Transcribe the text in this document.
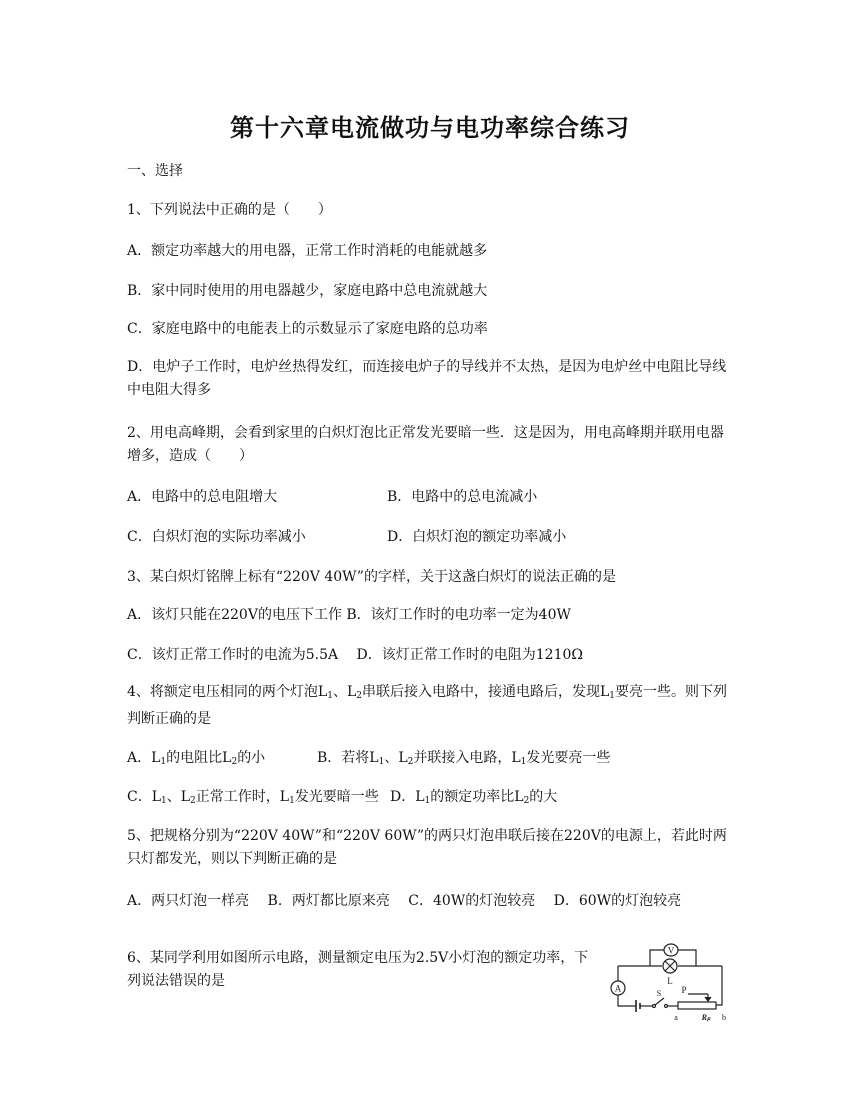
第十六章电流做功与电功率综合练习
一、选择
1、下列说法中正确的是（　　）
A．额定功率越大的用电器，正常工作时消耗的电能就越多
B．家中同时使用的用电器越少，家庭电路中总电流就越大
C．家庭电路中的电能表上的示数显示了家庭电路的总功率
D．电炉子工作时，电炉丝热得发红，而连接电炉子的导线并不太热，是因为电炉丝中电阻比导线中电阻大得多
2、用电高峰期，会看到家里的白炽灯泡比正常发光要暗一些．这是因为，用电高峰期并联用电器增多，造成（　　）
A．电路中的总电阻增大	B．电路中的总电流减小
C．白炽灯泡的实际功率减小	D．白炽灯泡的额定功率减小
3、某白炽灯铭牌上标有“220V 40W”的字样，关于这盏白炽灯的说法正确的是
A．该灯只能在220V的电压下工作 B．该灯工作时的电功率一定为40W
C．该灯正常工作时的电流为5.5A　 D．该灯正常工作时的电阻为1210Ω
4、将额定电压相同的两个灯泡$L_1$、$L_2$串联后接入电路中，接通电路后，发现$L_1$要亮一些。则下列判断正确的是
A．$L_1$的电阻比$L_2$的小	B．若将$L_1$、$L_2$并联接入电路，$L_1$发光要亮一些
C．$L_1$、$L_2$正常工作时，$L_1$发光要暗一些 D．$L_1$的额定功率比$L_2$的大
5、把规格分别为“220V 40W”和“220V 60W”的两只灯泡串联后接在220V的电源上，若此时两只灯都发光，则以下判断正确的是
A．两只灯泡一样亮　 B．两灯都比原来亮　 C．40W的灯泡较亮　 D．60W的灯泡较亮
6、某同学利用如图所示电路，测量额定电压为2.5V小灯泡的额定功率，下列说法错误的是
V
L
A	S P
a	Rₚ b
